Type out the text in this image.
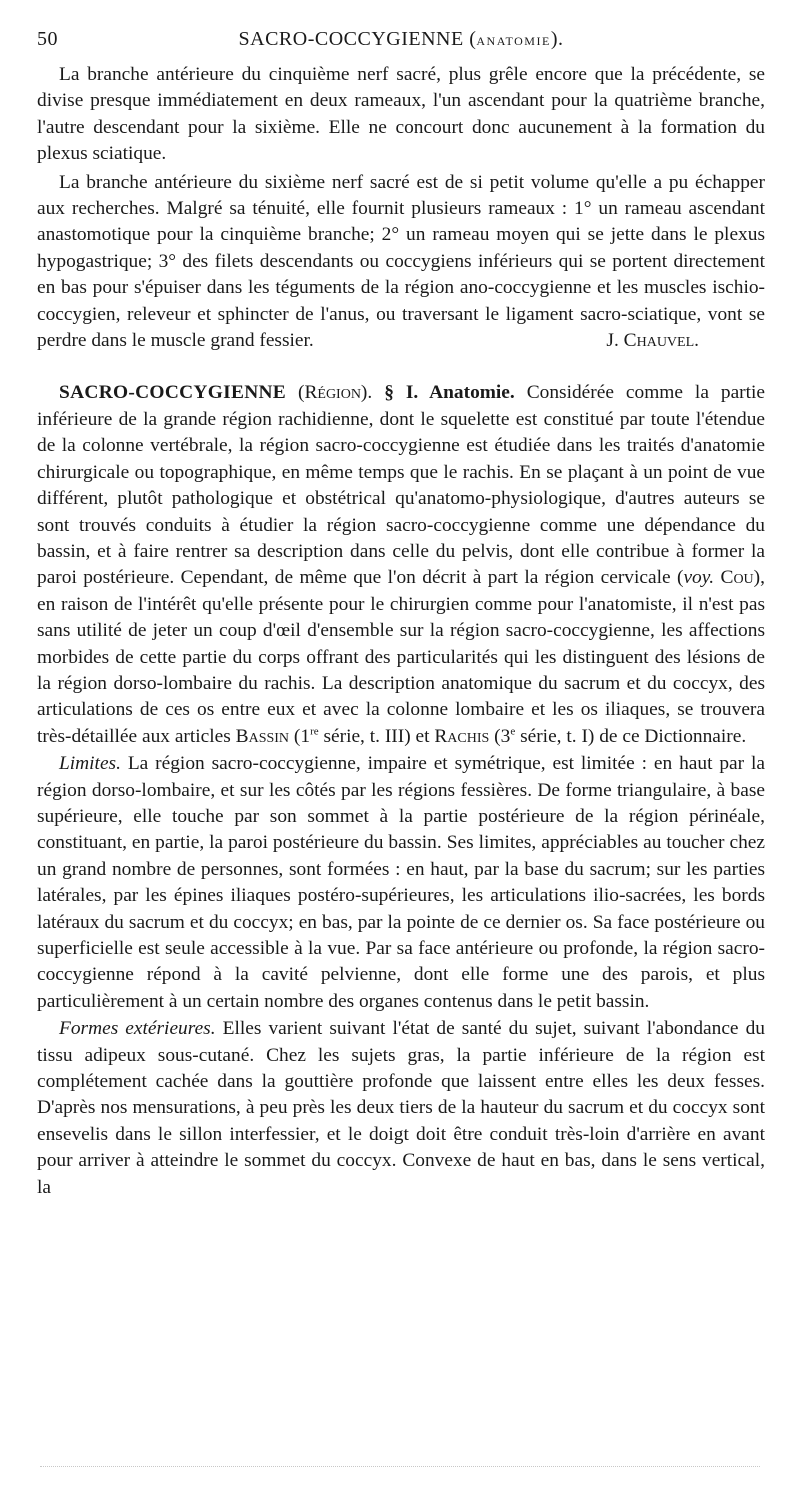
50	SACRO-COCCYGIENNE (ANATOMIE).

La branche antérieure du cinquième nerf sacré, plus grêle encore que la précédente, se divise presque immédiatement en deux rameaux, l'un ascendant pour la quatrième branche, l'autre descendant pour la sixième. Elle ne concourt donc aucunement à la formation du plexus sciatique.

La branche antérieure du sixième nerf sacré est de si petit volume qu'elle a pu échapper aux recherches. Malgré sa ténuité, elle fournit plusieurs rameaux : 1° un rameau ascendant anastomotique pour la cinquième branche; 2° un rameau moyen qui se jette dans le plexus hypogastrique; 3° des filets descendants ou coccygiens inférieurs qui se portent directement en bas pour s'épuiser dans les téguments de la région ano-coccygienne et les muscles ischio-coccygien, releveur et sphincter de l'anus, ou traversant le ligament sacro-sciatique, vont se perdre dans le muscle grand fessier.	J. Chauvel.

SACRO-COCCYGIENNE (Région). § I. Anatomie. Considérée comme la partie inférieure de la grande région rachidienne, dont le squelette est constitué par toute l'étendue de la colonne vertébrale, la région sacro-coccygienne est étudiée dans les traités d'anatomie chirurgicale ou topographique, en même temps que le rachis. En se plaçant à un point de vue différent, plutôt pathologique et obstétrical qu'anatomo-physiologique, d'autres auteurs se sont trouvés conduits à étudier la région sacro-coccygienne comme une dépendance du bassin, et à faire rentrer sa description dans celle du pelvis, dont elle contribue à former la paroi postérieure. Cependant, de même que l'on décrit à part la région cervicale (voy. Cou), en raison de l'intérêt qu'elle présente pour le chirurgien comme pour l'anatomiste, il n'est pas sans utilité de jeter un coup d'œil d'ensemble sur la région sacro-coccygienne, les affections morbides de cette partie du corps offrant des particularités qui les distinguent des lésions de la région dorso-lombaire du rachis. La description anatomique du sacrum et du coccyx, des articulations de ces os entre eux et avec la colonne lombaire et les os iliaques, se trouvera très-détaillée aux articles Bassin (1re série, t. III) et Rachis (3e série, t. I) de ce Dictionnaire.

Limites. La région sacro-coccygienne, impaire et symétrique, est limitée : en haut par la région dorso-lombaire, et sur les côtés par les régions fessières. De forme triangulaire, à base supérieure, elle touche par son sommet à la partie postérieure de la région périnéale, constituant, en partie, la paroi postérieure du bassin. Ses limites, appréciables au toucher chez un grand nombre de personnes, sont formées : en haut, par la base du sacrum; sur les parties latérales, par les épines iliaques postéro-supérieures, les articulations ilio-sacrées, les bords latéraux du sacrum et du coccyx; en bas, par la pointe de ce dernier os. Sa face postérieure ou superficielle est seule accessible à la vue. Par sa face antérieure ou profonde, la région sacro-coccygienne répond à la cavité pelvienne, dont elle forme une des parois, et plus particulièrement à un certain nombre des organes contenus dans le petit bassin.

Formes extérieures. Elles varient suivant l'état de santé du sujet, suivant l'abondance du tissu adipeux sous-cutané. Chez les sujets gras, la partie inférieure de la région est complétement cachée dans la gouttière profonde que laissent entre elles les deux fesses. D'après nos mensurations, à peu près les deux tiers de la hauteur du sacrum et du coccyx sont ensevelis dans le sillon interfessier, et le doigt doit être conduit très-loin d'arrière en avant pour arriver à atteindre le sommet du coccyx. Convexe de haut en bas, dans le sens vertical, la
